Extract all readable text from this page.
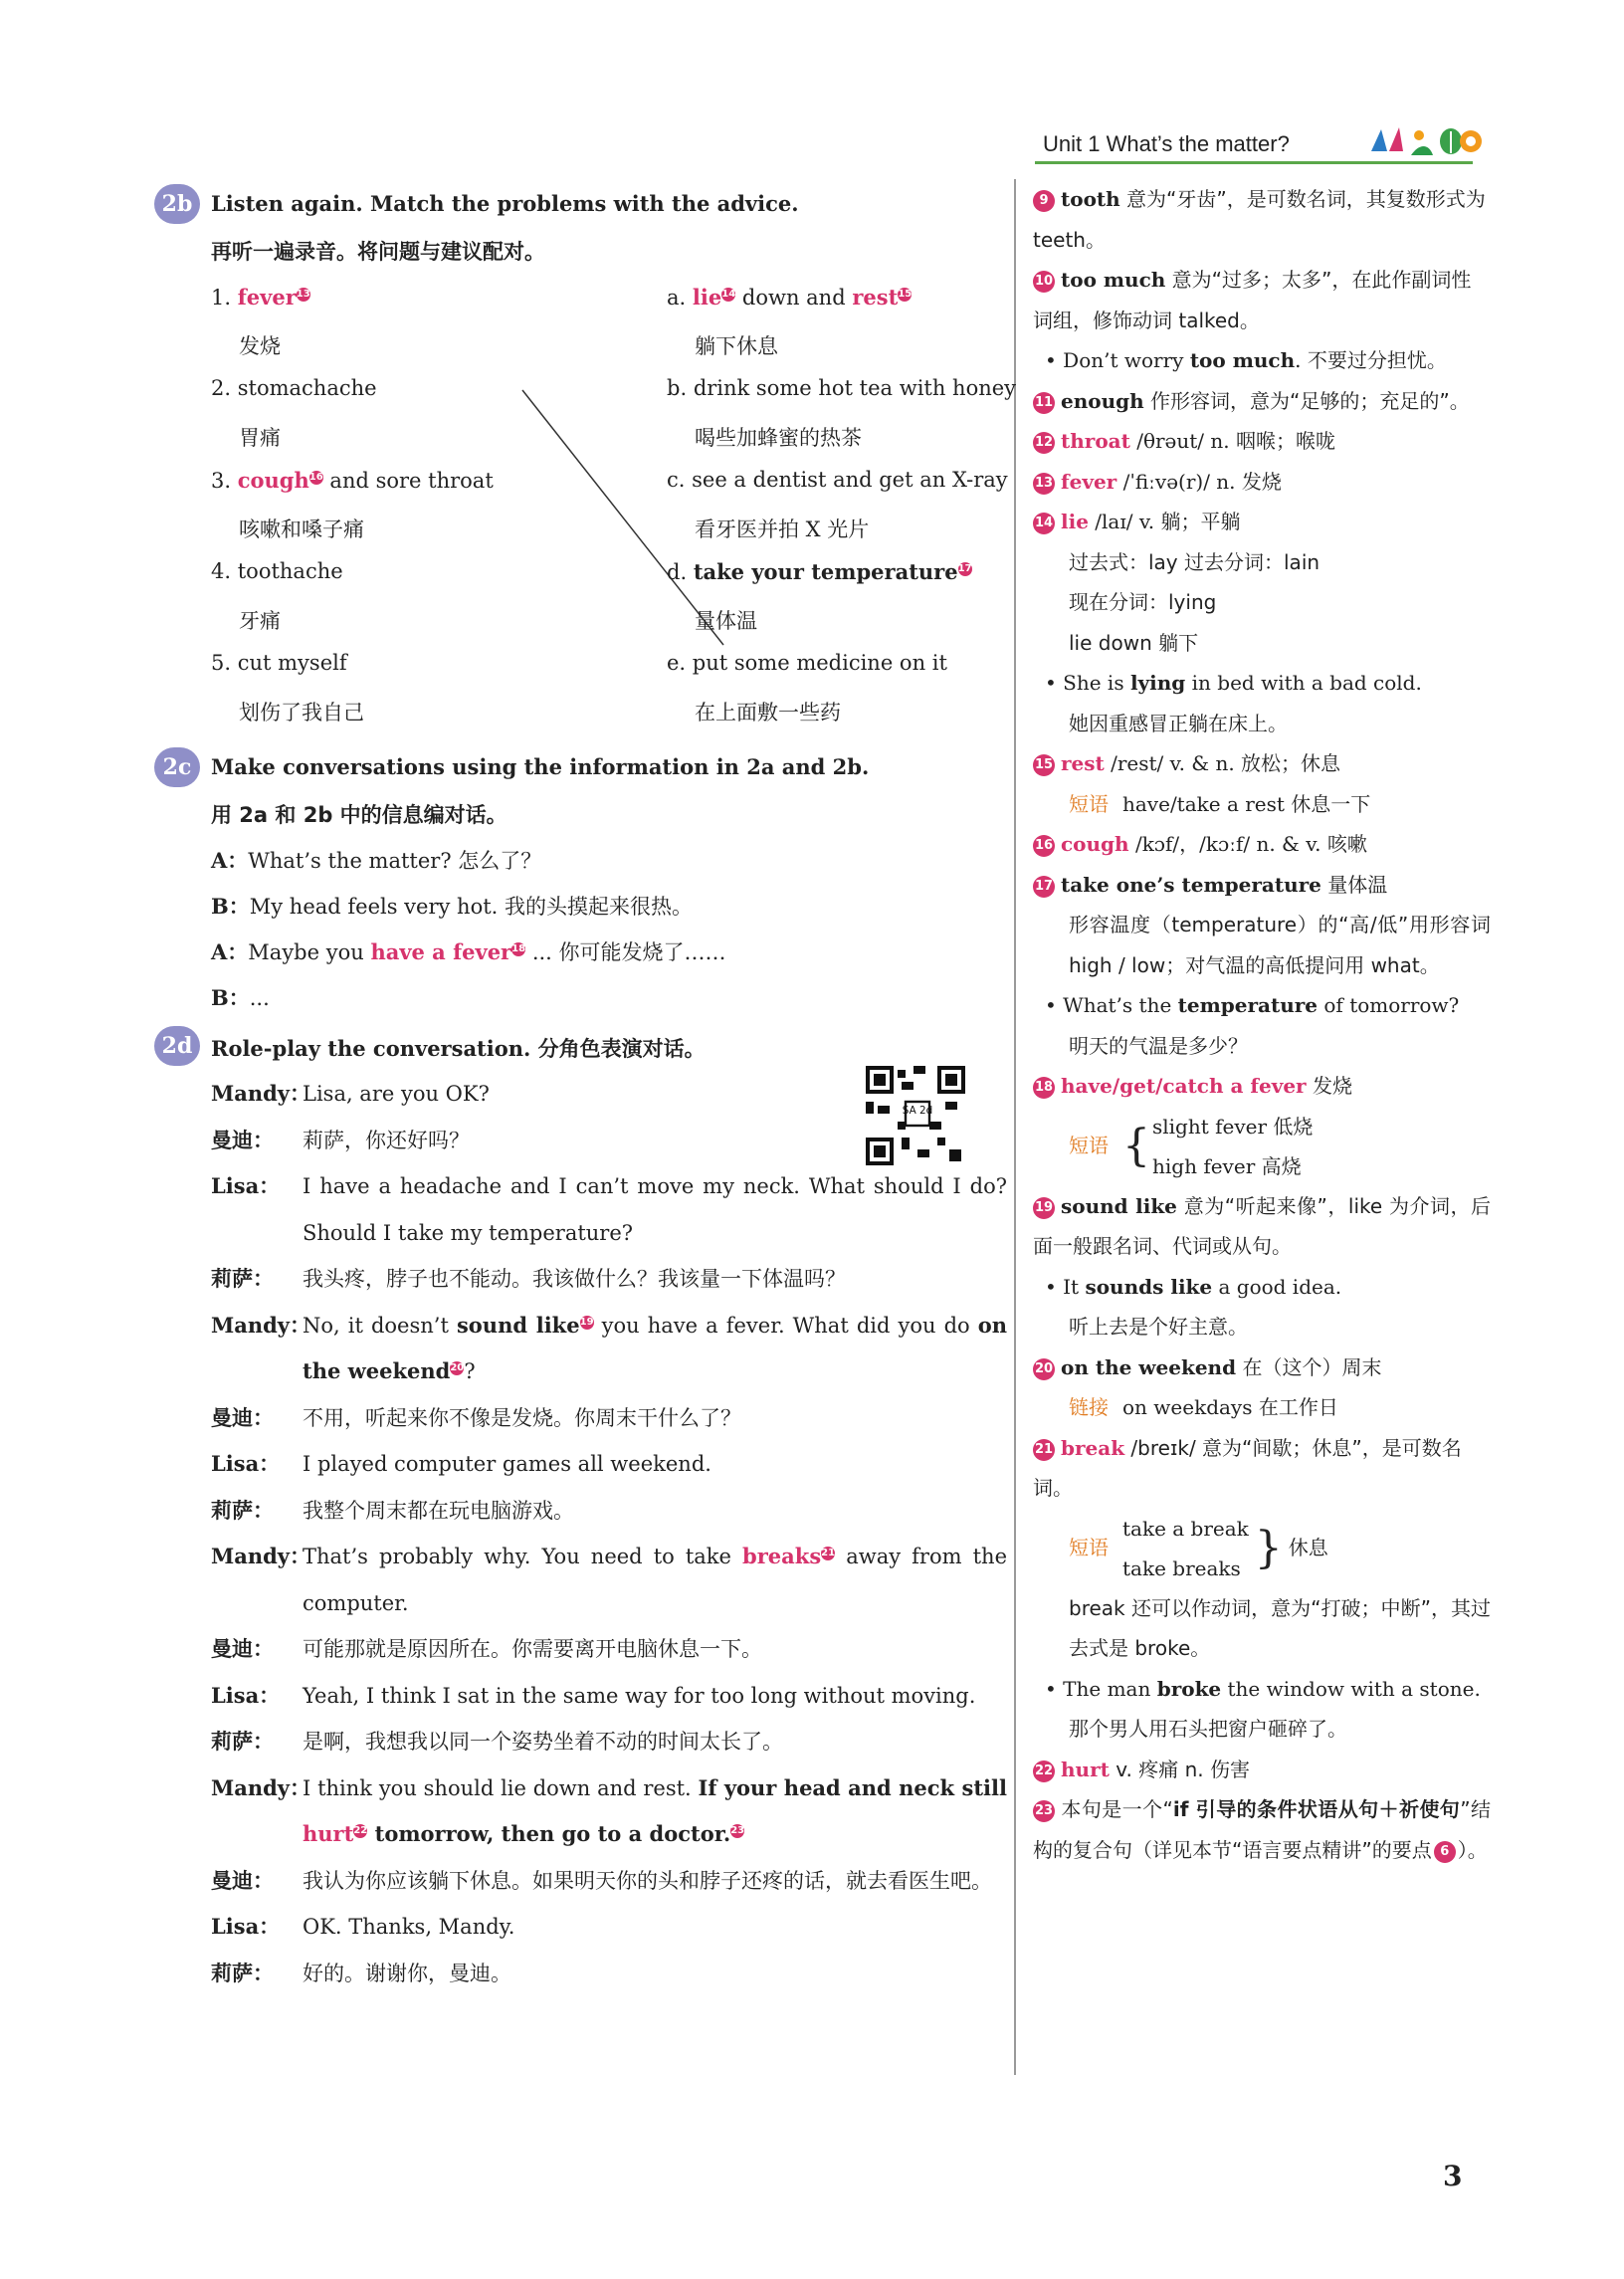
Unit 1 What’s the matter?
2b Listen again. Match the problems with the advice.
再听一遍录音。将问题与建议配对。
1. fever$^{13}$
发烧
2. stomachache
胃痛
3. cough$^{16}$ and sore throat
咳嗽和嗓子痛
4. toothache
牙痛
5. cut myself
划伤了我自己
a. lie$^{14}$ down and rest$^{15}$
躺下休息
b. drink some hot tea with honey
喝些加蜂蜜的热茶
c. see a dentist and get an X-ray
看牙医并拍 X 光片
d. take your temperature$^{17}$
量体温
e. put some medicine on it
在上面敷一些药
2c Make conversations using the information in 2a and 2b.
用 2a 和 2b 中的信息编对话。
A：What’s the matter? 怎么了？
B：My head feels very hot. 我的头摸起来很热。
A：Maybe you have a fever$^{18}$ ... 你可能发烧了……
B：...
2d Role-play the conversation. 分角色表演对话。
Mandy：
Lisa, are you OK?
曼迪：	莉萨，你还好吗？
Lisa：	I have a headache and I can’t move my neck. What should I do? Should I take my temperature?
莉萨：	我头疼，脖子也不能动。我该做什么？我该量一下体温吗？
Mandy：
No, it doesn’t sound like$^{19}$ you have a fever. What did you do on the weekend$^{20}$?
曼迪：	不用，听起来你不像是发烧。你周末干什么了？
Lisa：	I played computer games all weekend.
莉萨：	我整个周末都在玩电脑游戏。
Mandy：
That’s probably why. You need to take breaks$^{21}$ away from the computer.
曼迪：	可能那就是原因所在。你需要离开电脑休息一下。
Lisa：	Yeah, I think I sat in the same way for too long without moving.
莉萨：	是啊，我想我以同一个姿势坐着不动的时间太长了。
Mandy：
I think you should lie down and rest. If your head and neck still hurt$^{22}$ tomorrow, then go to a doctor.$^{23}$
曼迪：	我认为你应该躺下休息。如果明天你的头和脖子还疼的话，就去看医生吧。
Lisa：	OK. Thanks, Mandy.
莉萨：	好的。谢谢你，曼迪。
SA 2d
9 tooth 意为“牙齿”，是可数名词，其复数形式为 teeth。
10 too much 意为“过多；太多”，在此作副词性词组，修饰动词 talked。
• Don’t worry too much. 不要过分担忧。
11 enough 作形容词，意为“足够的；充足的”。
12 throat /θrəut/ n. 咽喉；喉咙
13 fever /ˈfiːvə(r)/ n. 发烧
14 lie /laɪ/ v. 躺；平躺
过去式：lay 过去分词：lain
现在分词：lying
lie down 躺下
• She is lying in bed with a bad cold.
她因重感冒正躺在床上。
15 rest /rest/ v. & n. 放松；休息
短语 have/take a rest 休息一下
16 cough /kɔf/，/kɔːf/ n. & v. 咳嗽
17 take one’s temperature 量体温
形容温度（temperature）的“高/低”用形容词 high / low；对气温的高低提问用 what。
• What’s the temperature of tomorrow?
明天的气温是多少？
18 have/get/catch a fever 发烧
短语 { slight fever 低烧
high fever 高烧
19 sound like 意为“听起来像”，like 为介词，后面一般跟名词、代词或从句。
• It sounds like a good idea.
听上去是个好主意。
20 on the weekend 在（这个）周末
链接 on weekdays 在工作日
21 break /breɪk/ 意为“间歇；休息”，是可数名词。
短语
take a break
take breaks } 休息
break 还可以作动词，意为“打破；中断”，其过去式是 broke。
• The man broke the window with a stone.
那个男人用石头把窗户砸碎了。
22 hurt v. 疼痛 n. 伤害
23 本句是一个“if 引导的条件状语从句＋祈使句”结构的复合句（详见本节“语言要点精讲”的要点 6 ）。
3
